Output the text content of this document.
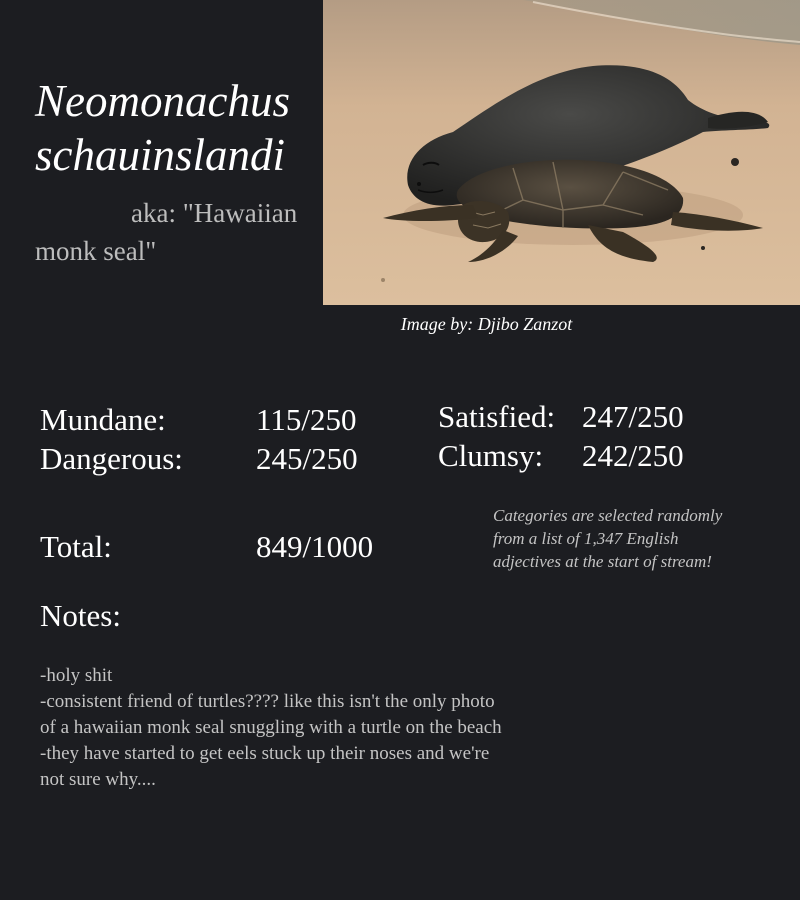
Neomonachus
schauinslandi
aka: "Hawaiian monk seal"
Image by: Djibo Zanzot
Mundane:	115/250
Dangerous: 245/250
Satisfied: 247/250
Clumsy: 242/250
Total:	849/1000
Categories are selected randomly from a list of 1,347 English adjectives at the start of stream!
Notes:
-holy shit
-consistent friend of turtles???? like this isn't the only photo of a hawaiian monk seal snuggling with a turtle on the beach
-they have started to get eels stuck up their noses and we're not sure why....
